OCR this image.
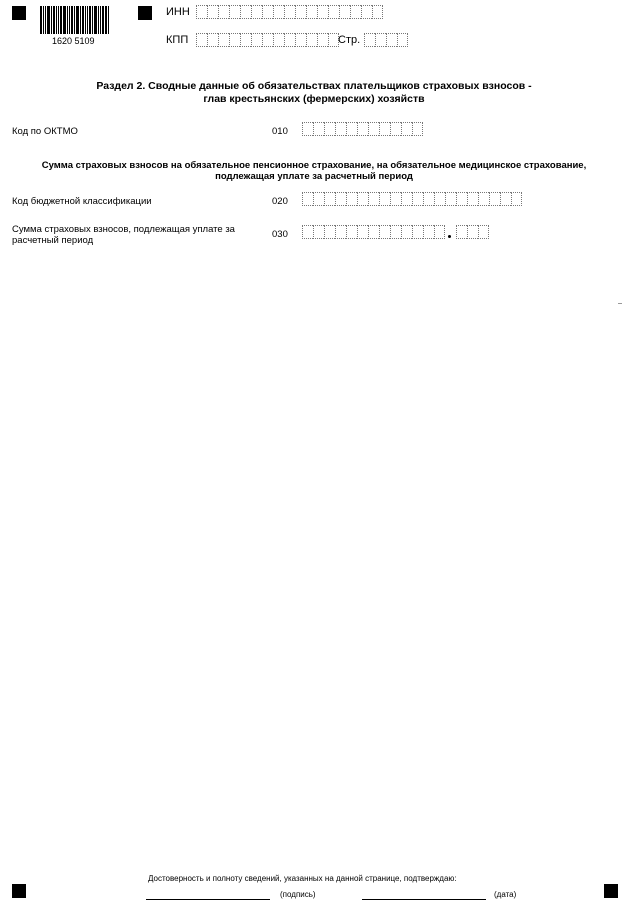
1620 5109
ИНН
КПП	Стр.
Раздел 2. Сводные данные об обязательствах плательщиков страховых взносов -
глав крестьянских (фермерских) хозяйств
Код по ОКТМО	010
Сумма страховых взносов на обязательное пенсионное страхование, на обязательное медицинское страхование,
подлежащая уплате за расчетный период
Код бюджетной классификации	020
Сумма страховых взносов, подлежащая уплате за
расчетный период
030
Достоверность и полноту сведений, указанных на данной странице, подтверждаю:
(подпись)	(дата)
